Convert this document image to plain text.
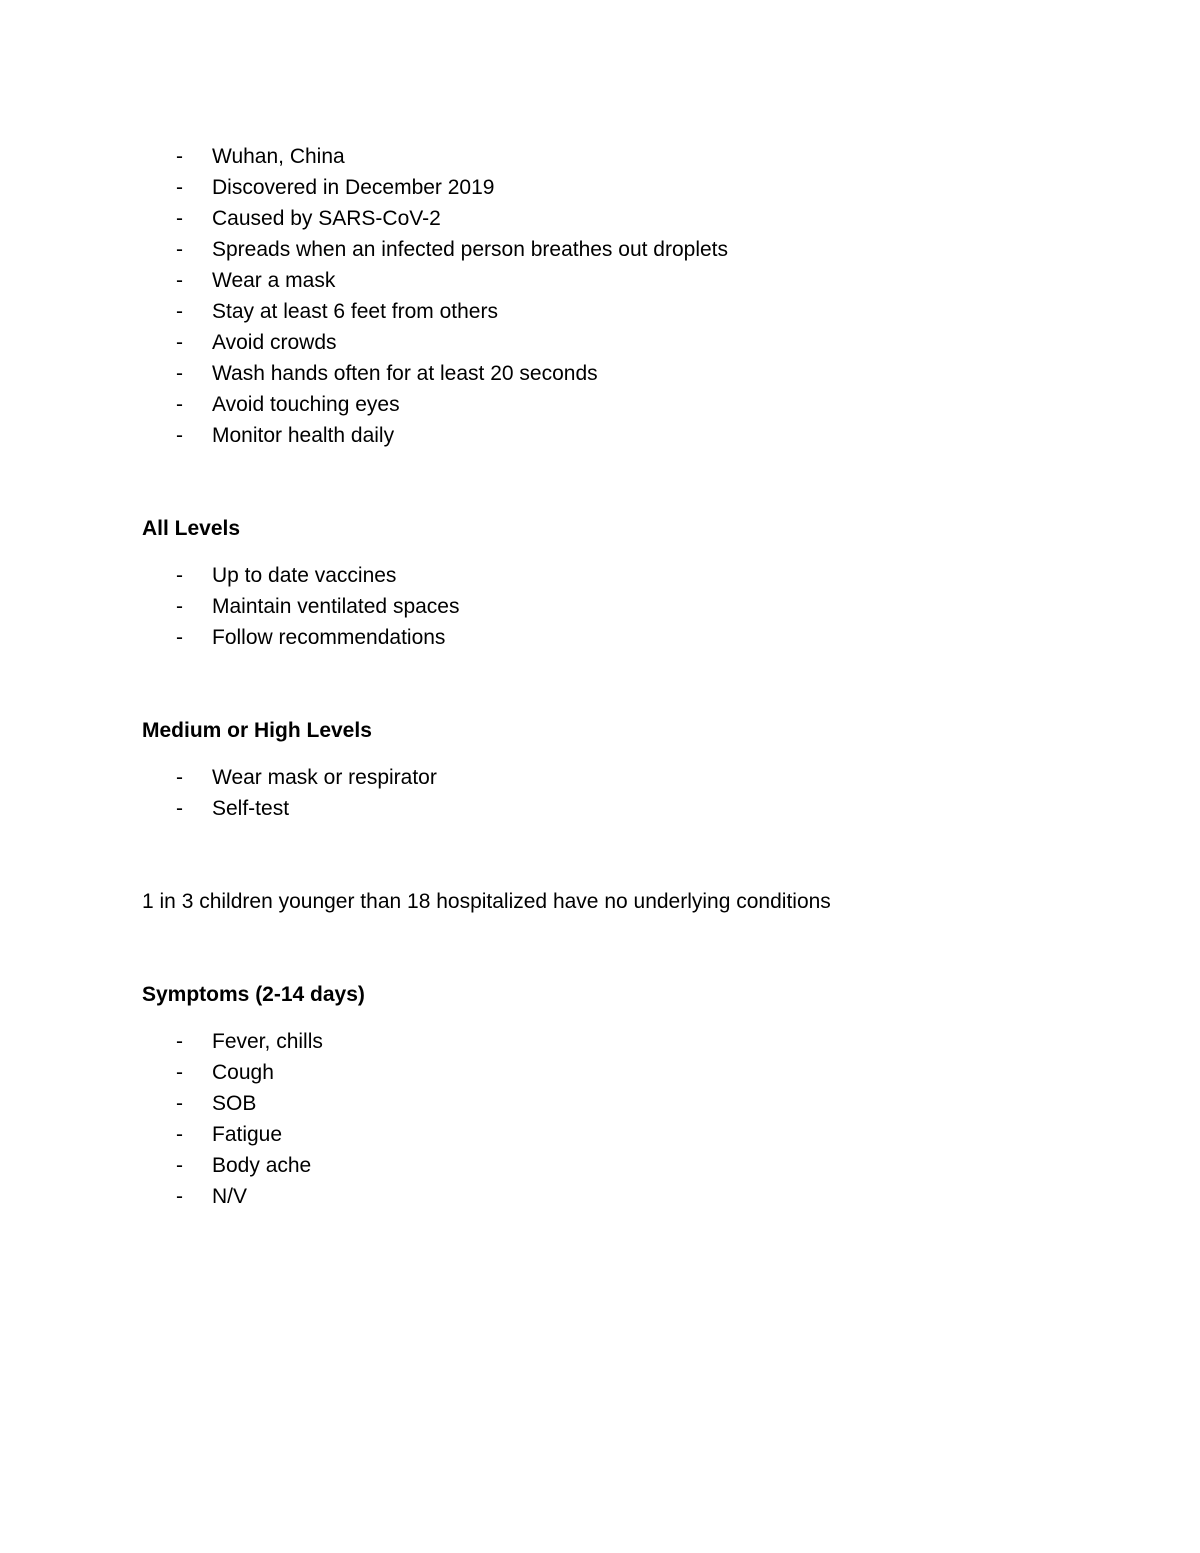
-	Wuhan, China
-	Discovered in December 2019
-	Caused by SARS-CoV-2
-	Spreads when an infected person breathes out droplets
-	Wear a mask
-	Stay at least 6 feet from others
-	Avoid crowds
-	Wash hands often for at least 20 seconds
-	Avoid touching eyes
-	Monitor health daily
All Levels
-	Up to date vaccines
-	Maintain ventilated spaces
-	Follow recommendations
Medium or High Levels
-	Wear mask or respirator
-	Self-test
1 in 3 children younger than 18 hospitalized have no underlying conditions
Symptoms (2-14 days)
-	Fever, chills
-	Cough
-	SOB
-	Fatigue
-	Body ache
-	N/V
